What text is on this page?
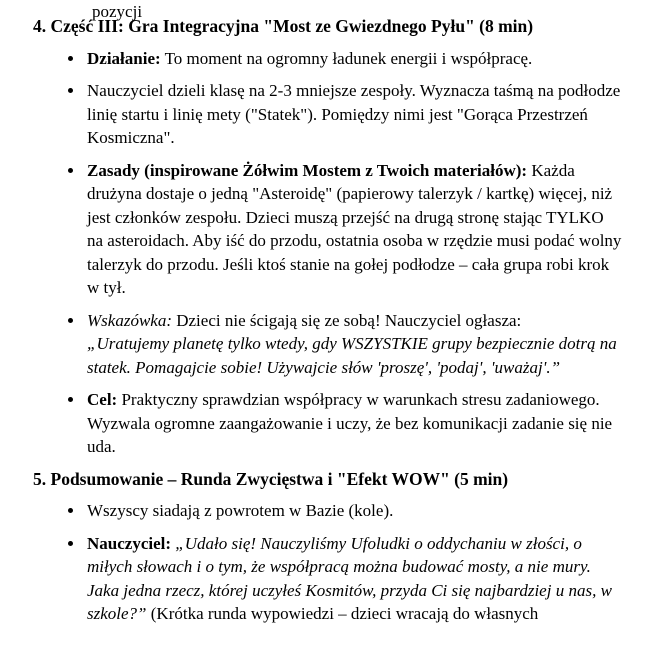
pozycji
4. Część III: Gra Integracyjna "Most ze Gwiezdnego Pyłu" (8 min)
Działanie: To moment na ogromny ładunek energii i współpracę.
Nauczyciel dzieli klasę na 2-3 mniejsze zespoły. Wyznacza taśmą na podłodze linię startu i linię mety ("Statek"). Pomiędzy nimi jest "Gorąca Przestrzeń Kosmiczna".
Zasady (inspirowane Żółwim Mostem z Twoich materiałów): Każda drużyna dostaje o jedną "Asteroidę" (papierowy talerzyk / kartkę) więcej, niż jest członków zespołu. Dzieci muszą przejść na drugą stronę stając TYLKO na asteroidach. Aby iść do przodu, ostatnia osoba w rzędzie musi podać wolny talerzyk do przodu. Jeśli ktoś stanie na gołej podłodze – cała grupa robi krok w tył.
Wskazówka: Dzieci nie ścigają się ze sobą! Nauczyciel ogłasza:
„Uratujemy planetę tylko wtedy, gdy WSZYSTKIE grupy bezpiecznie dotrą na statek. Pomagajcie sobie! Używajcie słów 'proszę', 'podaj', 'uważaj'.”
Cel: Praktyczny sprawdzian współpracy w warunkach stresu zadaniowego. Wyzwala ogromne zaangażowanie i uczy, że bez komunikacji zadanie się nie uda.
5. Podsumowanie – Runda Zwycięstwa i "Efekt WOW" (5 min)
Wszyscy siadają z powrotem w Bazie (kole).
Nauczyciel: „Udało się! Nauczyliśmy Ufoludki o oddychaniu w złości, o miłych słowach i o tym, że współpracą można budować mosty, a nie mury. Jaka jedna rzecz, której uczyłeś Kosmitów, przyda Ci się najbardziej u nas, w szkole?” (Krótka runda wypowiedzi – dzieci wracają do własnych
